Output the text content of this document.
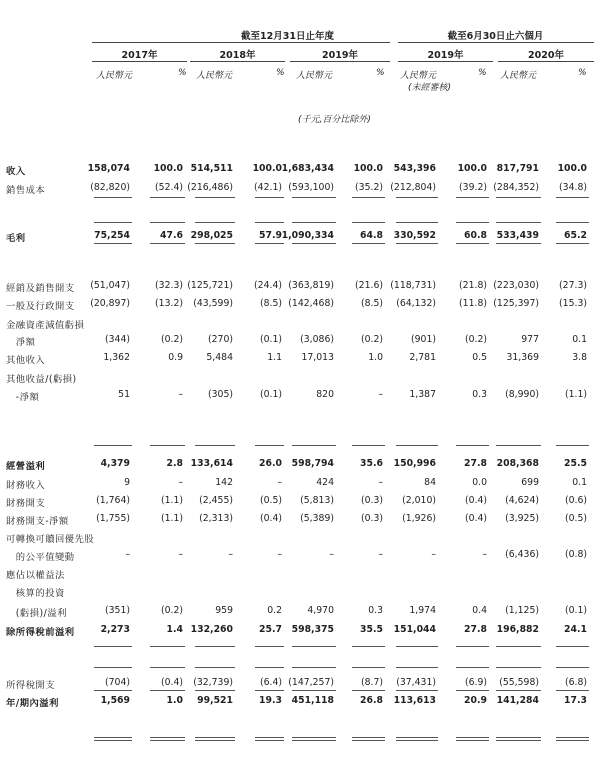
截至12月31日止年度	截至6月30日止六個月
2017年	2018年	2019年	2019年	2020年
人民幣元	% 人民幣元	% 人民幣元	% 人民幣元	% 人民幣元	%
(未經審核)
(千元,百分比除外)
收入	158,074	100.0 514,511	100.0 1,683,434	100.0	543,396	100.0	817,791	100.0
銷售成本	(82,820)	(52.4) (216,486)	(42.1) (593,100)	(35.2) (212,804)	(39.2) (284,352)	(34.8)
毛利	75,254	47.6 298,025	57.9 1,090,334	64.8	330,592	60.8	533,439	65.2
經銷及銷售開支	(51,047)	(32.3) (125,721)	(24.4) (363,819)	(21.6) (118,731)	(21.8) (223,030)	(27.3)
一般及行政開支	(20,897)	(13.2)	(43,599)	(8.5) (142,468)	(8.5)	(64,132)	(11.8) (125,397)	(15.3)
金融資產減值虧損
　淨額	(344)	(0.2)	(270)	(0.1)	(3,086)	(0.2)	(901)	(0.2)	977	0.1
其他收入	1,362	0.9	5,484	1.1	17,013	1.0	2,781	0.5	31,369	3.8
其他收益/(虧損)
　-淨額	51	–	(305)	(0.1)	820	–	1,387	0.3	(8,990)	(1.1)
經營溢利	4,379	2.8 133,614	26.0	598,794	35.6	150,996	27.8	208,368	25.5
財務收入	9	–	142	–	424	–	84	0.0	699	0.1
財務開支	(1,764)	(1.1)	(2,455)	(0.5)	(5,813)	(0.3)	(2,010)	(0.4)	(4,624)	(0.6)
財務開支-淨額	(1,755)	(1.1)	(2,313)	(0.4)	(5,389)	(0.3)	(1,926)	(0.4)	(3,925)	(0.5)
可轉換可贖回優先股
　的公平值變動	–	–	–	–	–	–	–	–	(6,436)	(0.8)
應佔以權益法
　核算的投資
　(虧損)/溢利	(351)	(0.2)	959	0.2	4,970	0.3	1,974	0.4	(1,125)	(0.1)
除所得稅前溢利	2,273	1.4 132,260	25.7	598,375	35.5	151,044	27.8	196,882	24.1
所得稅開支	(704)	(0.4)	(32,739)	(6.4) (147,257)	(8.7)	(37,431)	(6.9)	(55,598)	(6.8)
年/期內溢利	1,569	1.0	99,521	19.3	451,118	26.8	113,613	20.9	141,284	17.3
